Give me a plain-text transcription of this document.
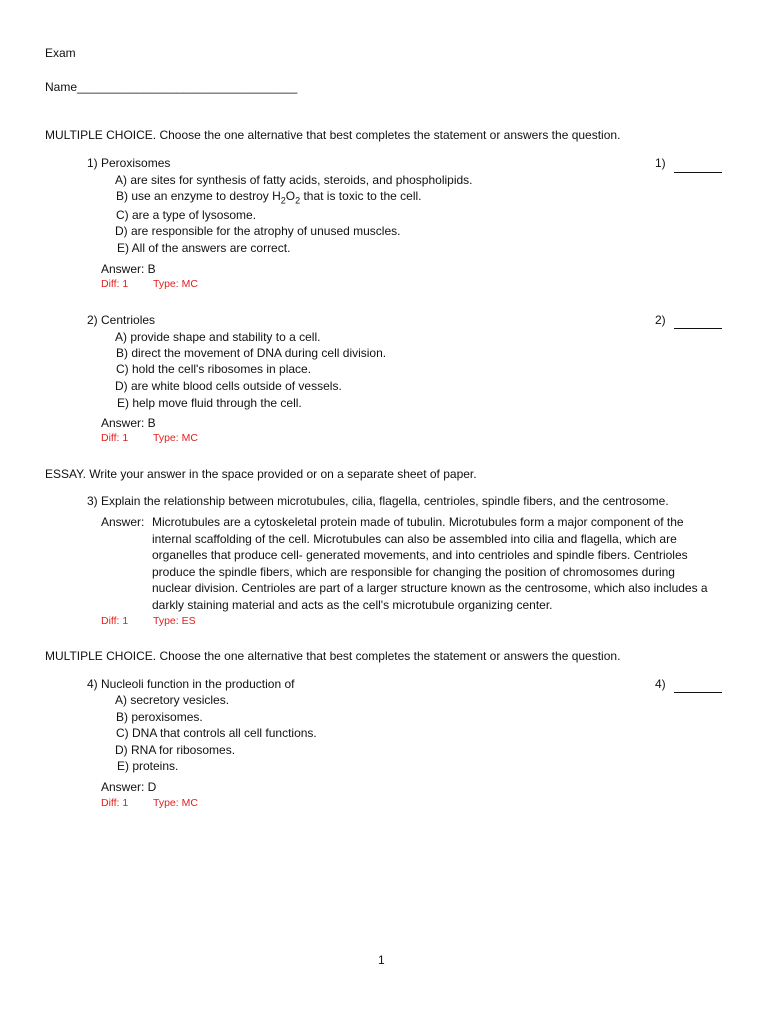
Exam
Name_________________________________
MULTIPLE CHOICE. Choose the one alternative that best completes the statement or answers the question.
1) Peroxisomes	1)
A) are sites for synthesis of fatty acids, steroids, and phospholipids.
B) use an enzyme to destroy $H_2O_2$ that is toxic to the cell.
C) are a type of lysosome.
D) are responsible for the atrophy of unused muscles.
E) All of the answers are correct.
Answer: B
Diff: 1 Type: MC
2) Centrioles	2)
A) provide shape and stability to a cell.
B) direct the movement of DNA during cell division.
C) hold the cell's ribosomes in place.
D) are white blood cells outside of vessels.
E) help move fluid through the cell.
Answer: B
Diff: 1 Type: MC
ESSAY. Write your answer in the space provided or on a separate sheet of paper.
3) Explain the relationship between microtubules, cilia, flagella, centrioles, spindle fibers, and the centrosome.
Answer: Microtubules are a cytoskeletal protein made of tubulin. Microtubules form a major component of the
internal scaffolding of the cell. Microtubules can also be assembled into cilia and flagella, which are
organelles that produce cell- generated movements, and into centrioles and spindle fibers. Centrioles
produce the spindle fibers, which are responsible for changing the position of chromosomes during
nuclear division. Centrioles are part of a larger structure known as the centrosome, which also includes a
darkly staining material and acts as the cell's microtubule organizing center.
Diff: 1 Type: ES
MULTIPLE CHOICE. Choose the one alternative that best completes the statement or answers the question.
4) Nucleoli function in the production of	4)
A) secretory vesicles.
B) peroxisomes.
C) DNA that controls all cell functions.
D) RNA for ribosomes.
E) proteins.
Answer: D
Diff: 1 Type: MC
1
